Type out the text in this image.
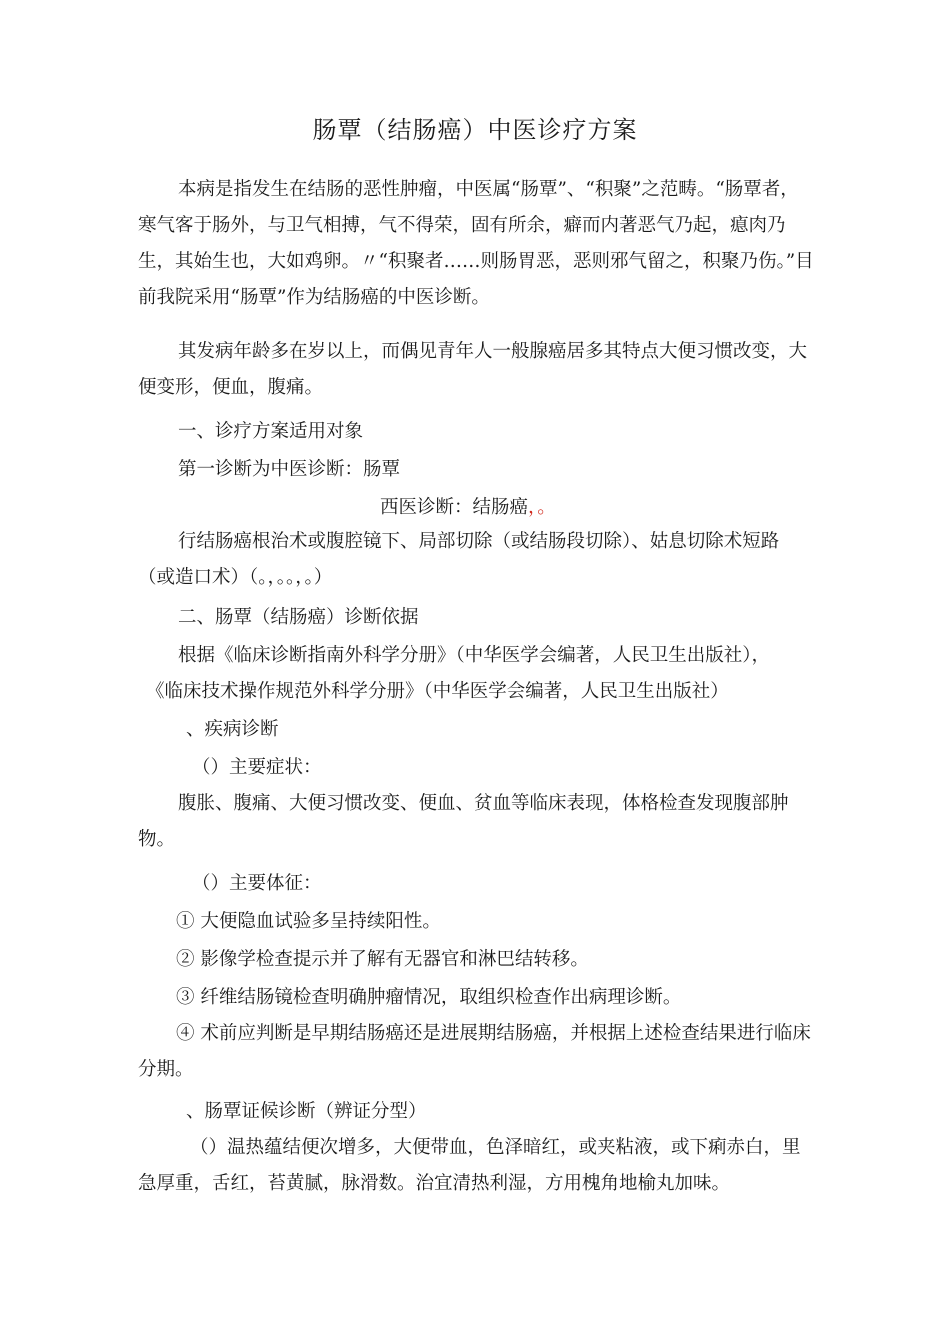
肠覃（结肠癌）中医诊疗方案

本病是指发生在结肠的恶性肿瘤，中医属“肠覃”、“积聚”之范畴。“肠覃者，寒气客于肠外，与卫气相搏，气不得荣，固有所余，癖而内著恶气乃起，瘜肉乃生，其始生也，大如鸡卵。〃“积聚者……则肠胃恶，恶则邪气留之，积聚乃伤。”目前我院采用“肠覃”作为结肠癌的中医诊断。

其发病年龄多在岁以上，而偶见青年人一般腺癌居多其特点大便习惯改变，大便变形，便血，腹痛。

一、诊疗方案适用对象

第一诊断为中医诊断：肠覃

西医诊断：结肠癌，。

行结肠癌根治术或腹腔镜下、局部切除（或结肠段切除）、姑息切除术短路（或造口术）（。，。。，。）

二、肠覃（结肠癌）诊断依据

根据《临床诊断指南外科学分册》（中华医学会编著，人民卫生出版社），

《临床技术操作规范外科学分册》（中华医学会编著，人民卫生出版社）

、疾病诊断

（）主要症状：

腹胀、腹痛、大便习惯改变、便血、贫血等临床表现，体格检查发现腹部肿物。

（）主要体征：

① 大便隐血试验多呈持续阳性。

② 影像学检查提示并了解有无器官和淋巴结转移。

③ 纤维结肠镜检查明确肿瘤情况，取组织检查作出病理诊断。

④ 术前应判断是早期结肠癌还是进展期结肠癌，并根据上述检查结果进行临床分期。

、肠覃证候诊断（辨证分型）

（）温热蕴结便次增多，大便带血，色泽暗红，或夹粘液，或下痢赤白，里急厚重，舌红，苔黄腻，脉滑数。治宜清热利湿，方用槐角地榆丸加味。
